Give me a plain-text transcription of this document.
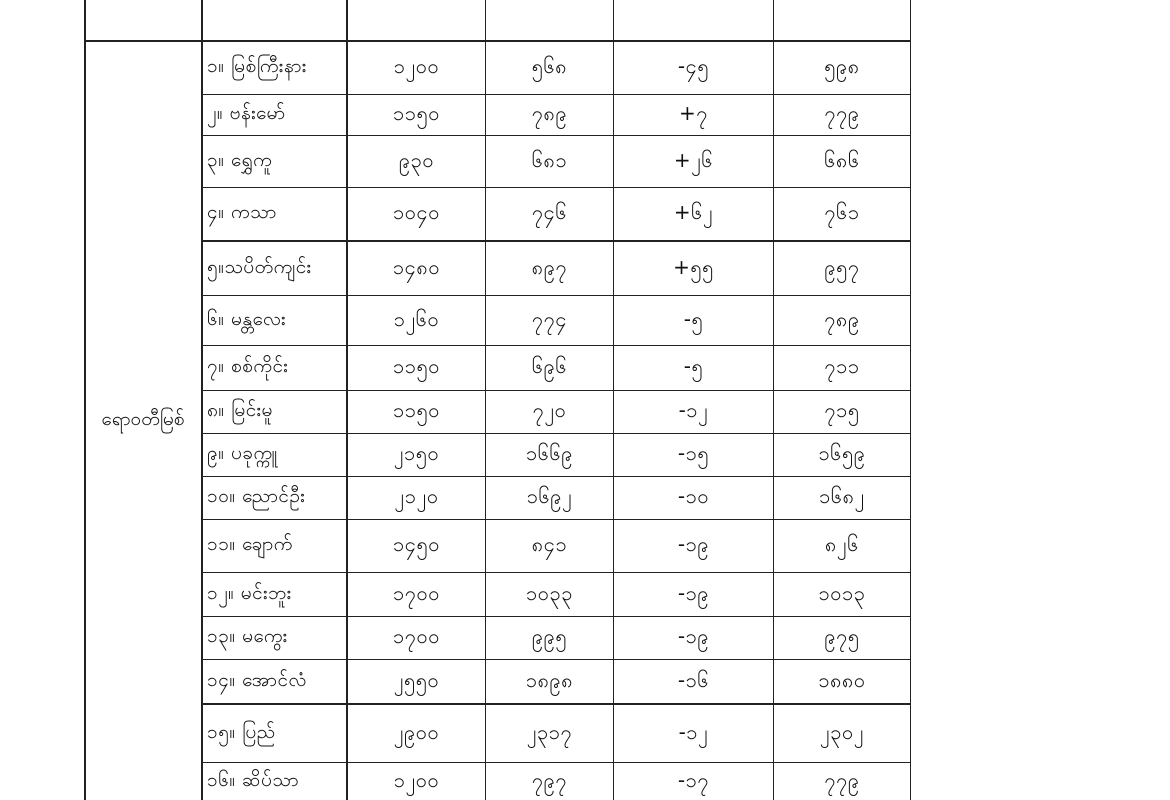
ရောဝတီမြစ်
၁။ မြစ်ကြီးနား	၁၂၀၀	၅၆၈	-၄၅	၅၉၈
၂။ ဗန်းမော်	၁၁၅၀	၇၈၉	+၇	၇၇၉
၃။ ရွှေကူ	၉၃၀	၆၈၁	+၂၆	၆၈၆
၄။ ကသာ	၁၀၄၀	၇၄၆	+၆၂	၇၆၁
၅။သပိတ်ကျင်း	၁၄၈၀	၈၉၇	+၅၅	၉၅၇
၆။ မန္တလေး	၁၂၆၀	၇၇၄	-၅	၇၈၉
၇။ စစ်ကိုင်း	၁၁၅၀	၆၉၆	-၅	၇၁၁
၈။ မြင်းမူ	၁၁၅၀	၇၂၀	-၁၂	၇၁၅
၉။ ပခုက္ကူ	၂၁၅၀	၁၆၆၉	-၁၅	၁၆၅၉
၁၀။ ညောင်ဦး	၂၁၂၀	၁၆၉၂	-၁၀	၁၆၈၂
၁၁။ ချောက်	၁၄၅၀	၈၄၁	-၁၉	၈၂၆
၁၂။ မင်းဘူး	၁၇၀၀	၁၀၃၃	-၁၉	၁၀၁၃
၁၃။ မကွေး	၁၇၀၀	၉၉၅	-၁၉	၉၇၅
၁၄။ အောင်လံ	၂၅၅၀	၁၈၉၈	-၁၆	၁၈၈၀
၁၅။ ပြည်	၂၉၀၀	၂၃၁၇	-၁၂	၂၃၀၂
၁၆။ ဆိပ်သာ	၁၂၀၀	၇၉၇	-၁၇	၇၇၉
